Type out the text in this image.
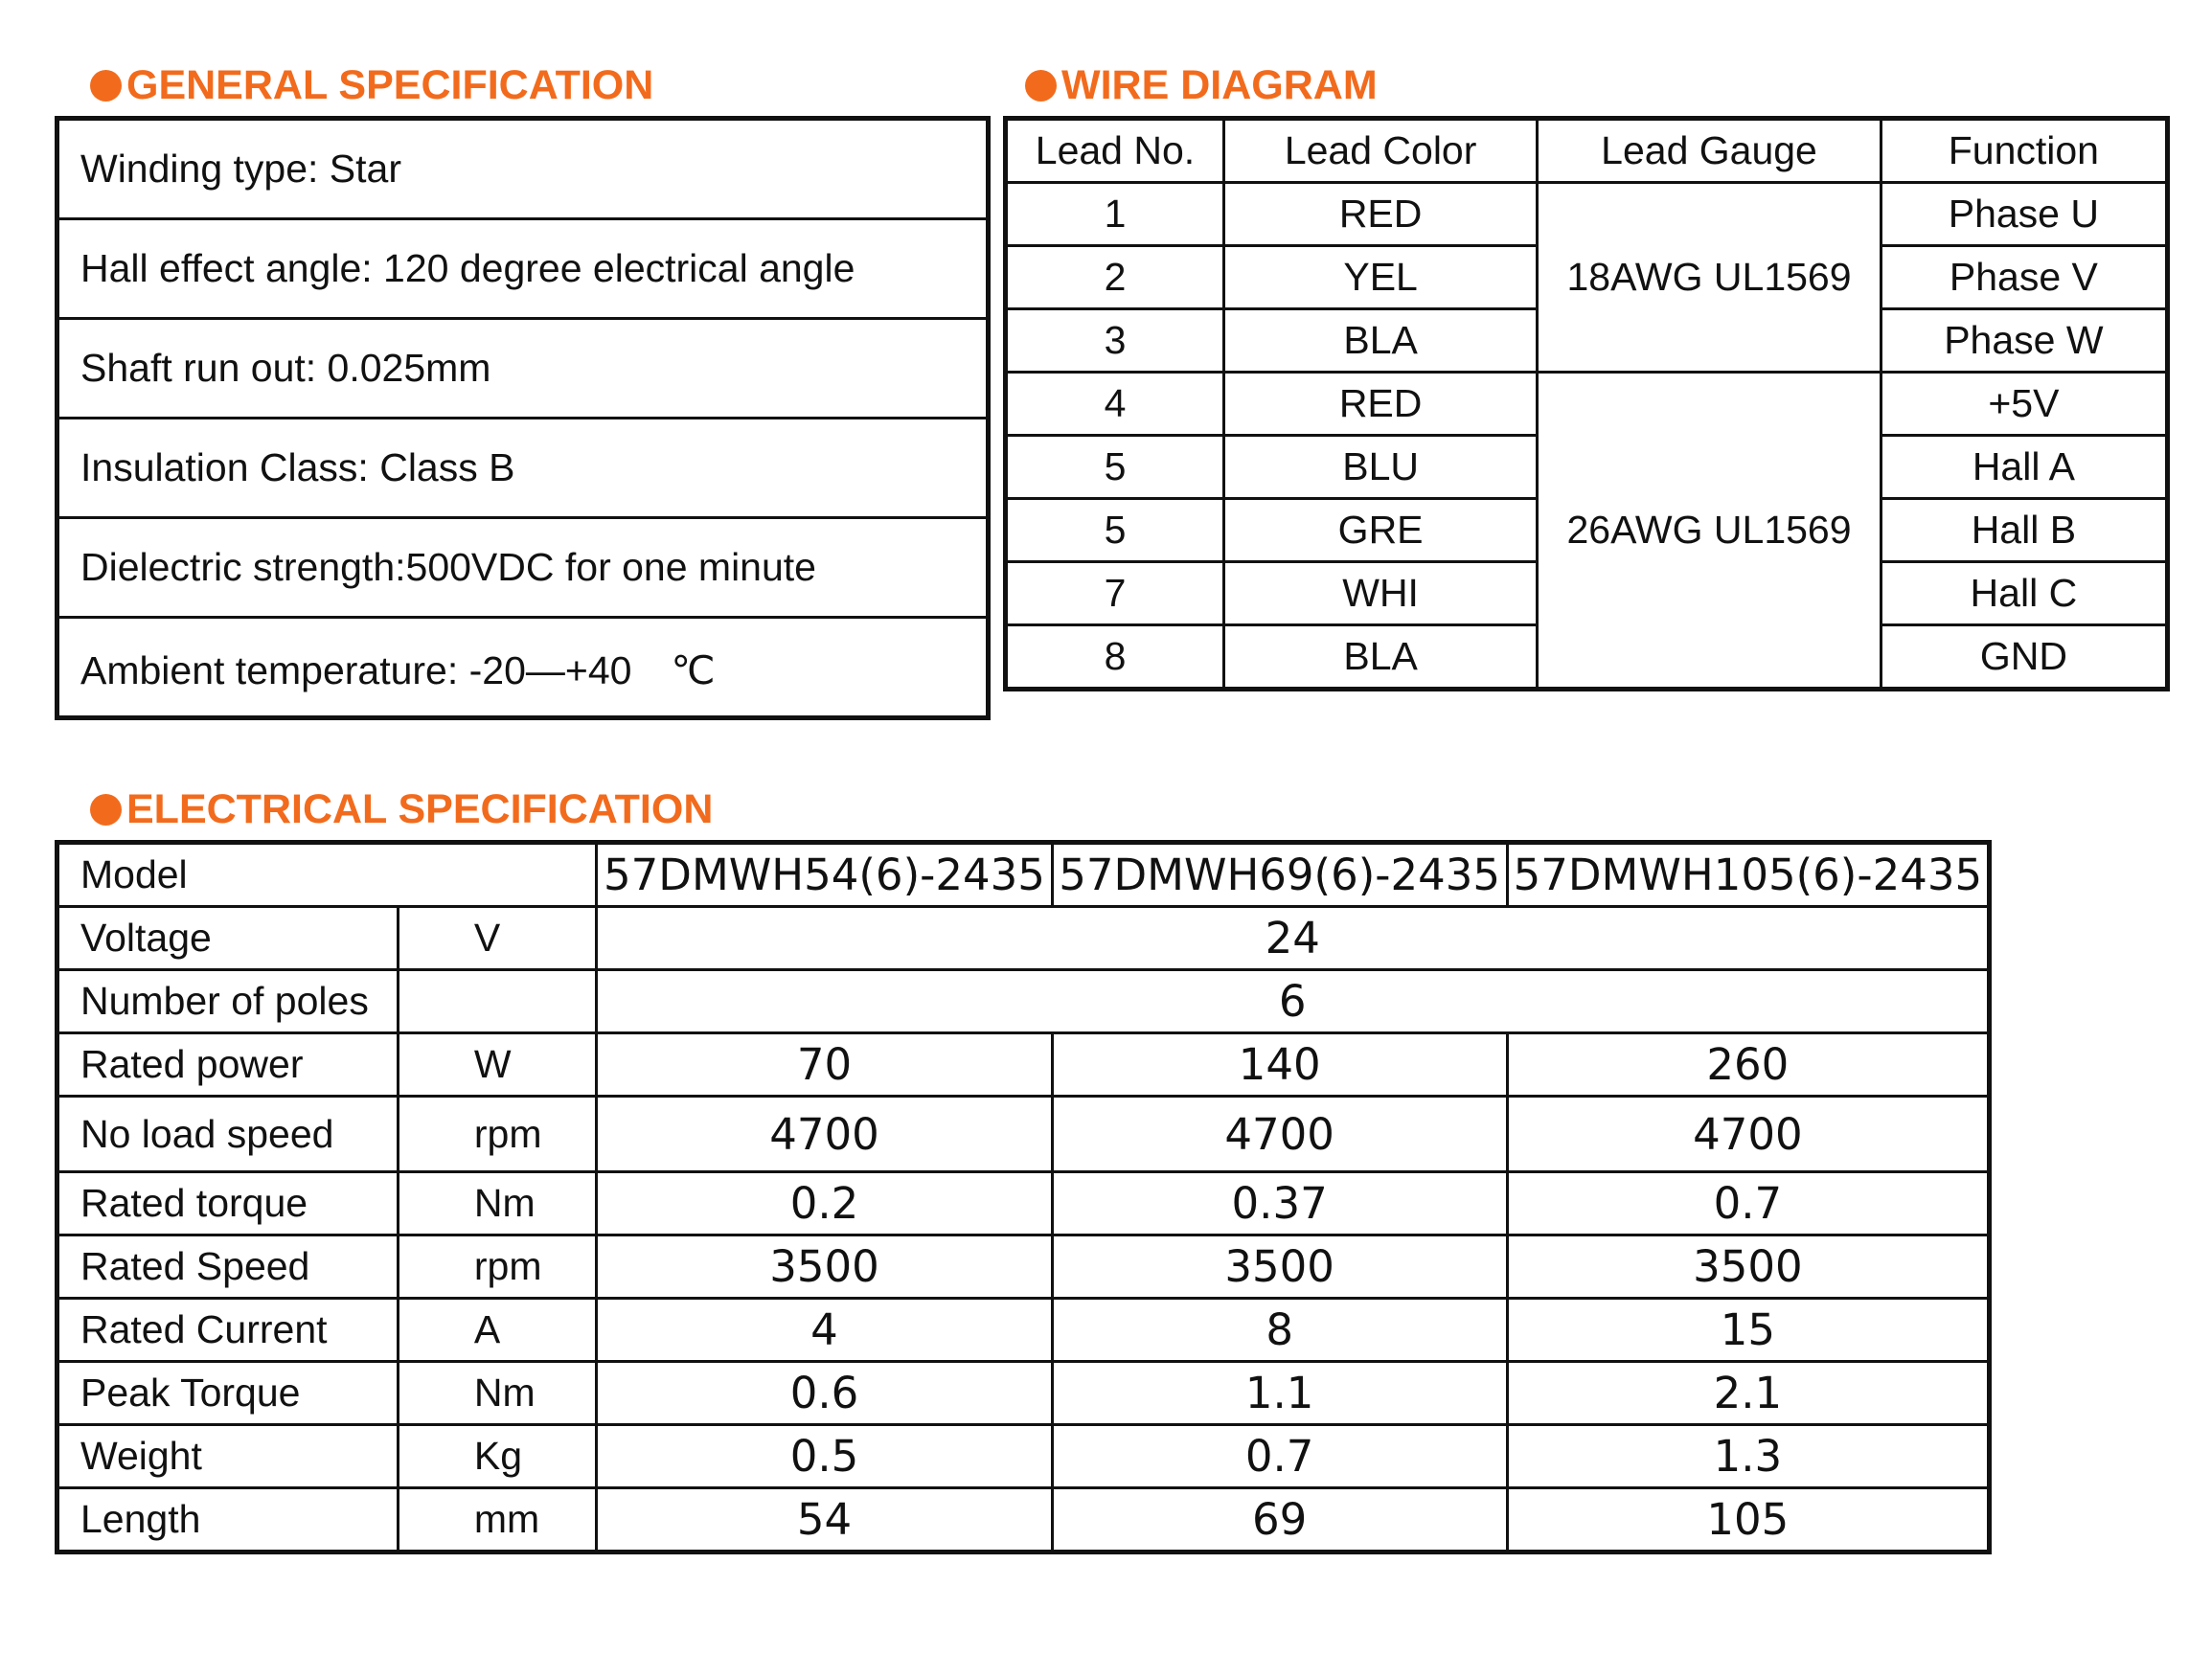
GENERAL SPECIFICATION
Winding type: Star
Hall effect angle: 120 degree electrical angle
Shaft run out: 0.025mm
Insulation Class: Class B
Dielectric strength:500VDC for one minute
Ambient temperature: -20—+40　℃
WIRE DIAGRAM
Lead No.	Lead Color	Lead Gauge	Function
1	RED	18AWG UL1569	Phase U
2	YEL		Phase V
3	BLA		Phase W
4	RED	26AWG UL1569	+5V
5	BLU		Hall A
5	GRE		Hall B
7	WHI		Hall C
8	BLA		GND
ELECTRICAL SPECIFICATION
Model		57DMWH54(6)-2435	57DMWH69(6)-2435	57DMWH105(6)-2435
Voltage	V	24		
Number of poles		6		
Rated power	W	70	140	260
No load speed	rpm	4700	4700	4700
Rated torque	Nm	0.2	0.37	0.7
Rated Speed	rpm	3500	3500	3500
Rated Current	A	4	8	15
Peak Torque	Nm	0.6	1.1	2.1
Weight	Kg	0.5	0.7	1.3
Length	mm	54	69	105
